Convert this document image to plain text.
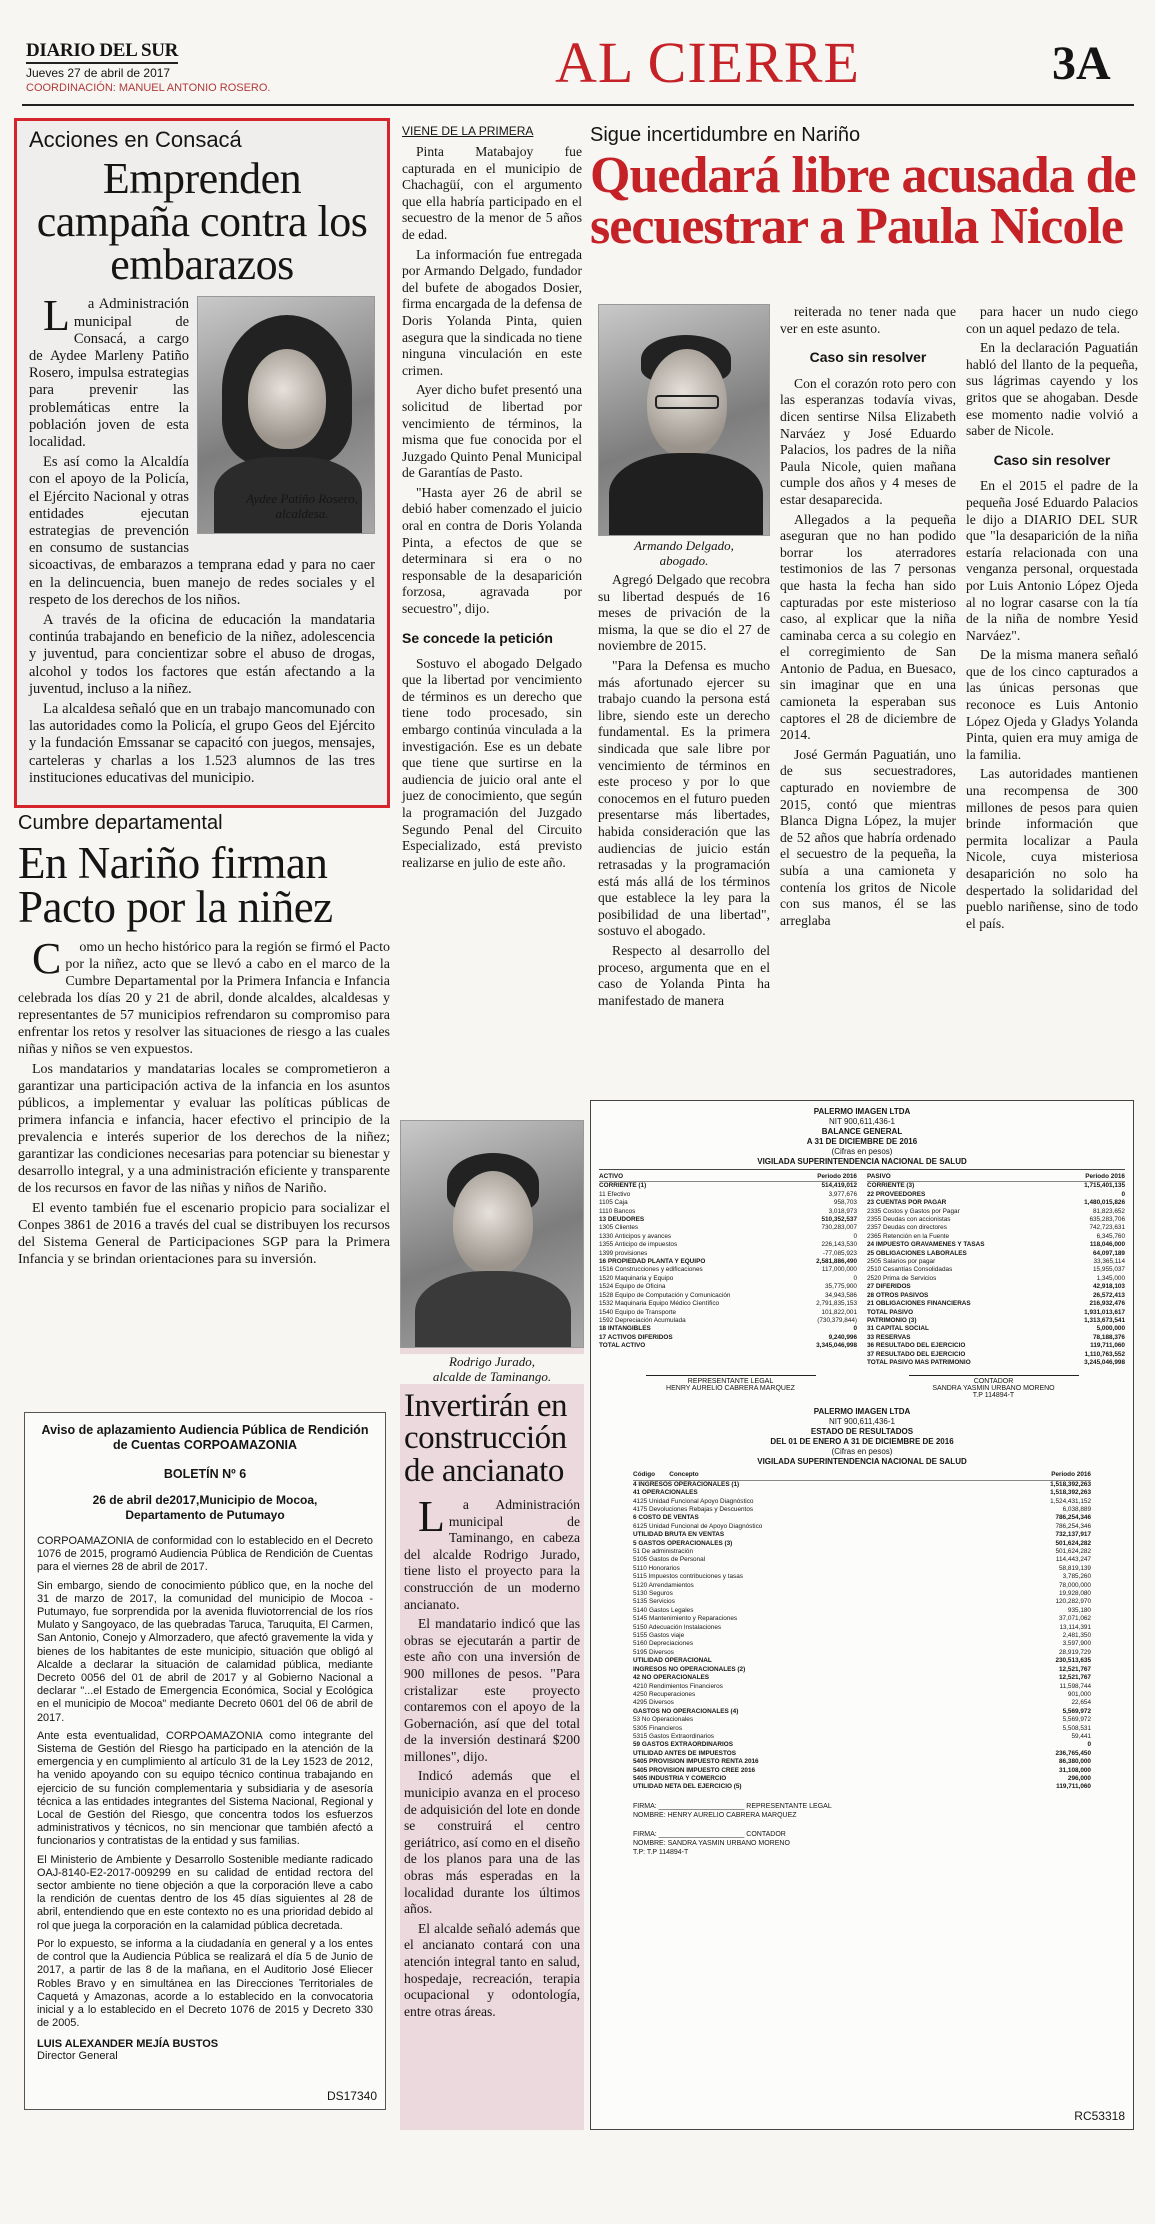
DIARIO DEL SUR
Jueves 27 de abril de 2017
COORDINACIÓN: MANUEL ANTONIO ROSERO.	AL CIERRE	3A
Acciones en Consacá
Emprenden campaña contra los embarazos

La Administración municipal de Consacá, a cargo de Aydee Marleny Patiño Rosero, impulsa estrategias para prevenir las problemáticas entre la población joven de esta localidad.

Es así como la Alcaldía con el apoyo de la Policía, el Ejército Nacional y otras entidades ejecutan estrategias de prevención en consumo de sustancias sicoactivas, de embarazos a temprana edad y para no caer en la delincuencia, buen manejo de redes sociales y el respeto de los derechos de los niños.

Aydee Patiño Rosero,
alcaldesa.

A través de la oficina de educación la mandataria continúa trabajando en beneficio de la niñez, adolescencia y juventud, para concientizar sobre el abuso de drogas, alcohol y todos los factores que están afectando a la juventud, incluso a la niñez.

La alcaldesa señaló que en un trabajo mancomunado con las autoridades como la Policía, el grupo Geos del Ejército y la fundación Emssanar se capacitó con juegos, mensajes, carteleras y charlas a los 1.523 alumnos de las tres instituciones educativas del municipio.

Cumbre departamental
En Nariño firman Pacto por la niñez

Como un hecho histórico para la región se firmó el Pacto por la niñez, acto que se llevó a cabo en el marco de la Cumbre Departamental por la Primera Infancia e Infancia celebrada los días 20 y 21 de abril, donde alcaldes, alcaldesas y representantes de 57 municipios refrendaron su compromiso para enfrentar los retos y resolver las situaciones de riesgo a las cuales niñas y niños se ven expuestos.

Los mandatarios y mandatarias locales se comprometieron a garantizar una participación activa de la infancia en los asuntos públicos, a implementar y evaluar las políticas públicas de primera infancia e infancia, hacer efectivo el principio de la prevalencia e interés superior de los derechos de la niñez; garantizar las condiciones necesarias para potenciar su bienestar y desarrollo integral, y a una administración eficiente y transparente de los recursos en favor de las niñas y niños de Nariño.

El evento también fue el escenario propicio para socializar el Conpes 3861 de 2016 a través del cual se distribuyen los recursos del Sistema General de Participaciones SGP para la Primera Infancia y se brindan orientaciones para su inversión.

Aviso de aplazamiento Audiencia Pública de Rendición de Cuentas CORPOAMAZONIA
BOLETÍN Nº 6
26 de abril de2017,Municipio de Mocoa, Departamento de Putumayo

CORPOAMAZONIA de conformidad con lo establecido en el Decreto 1076 de 2015, programó Audiencia Pública de Rendición de Cuentas para el viernes 28 de abril de 2017.

Sin embargo, siendo de conocimiento público que, en la noche del 31 de marzo de 2017, la comunidad del municipio de Mocoa - Putumayo, fue sorprendida por la avenida fluviotorrencial de los ríos Mulato y Sangoyaco, de las quebradas Taruca, Taruquita, El Carmen, San Antonio, Conejo y Almorzadero, que afectó gravemente la vida y bienes de los habitantes de este municipio, situación que obligó al Alcalde a declarar la situación de calamidad pública, mediante Decreto 0056 del 01 de abril de 2017 y al Gobierno Nacional a declarar "...el Estado de Emergencia Económica, Social y Ecológica en el municipio de Mocoa" mediante Decreto 0601 del 06 de abril de 2017.

Ante esta eventualidad, CORPOAMAZONIA como integrante del Sistema de Gestión del Riesgo ha participado en la atención de la emergencia y en cumplimiento al artículo 31 de la Ley 1523 de 2012, ha venido apoyando con su equipo técnico continua trabajando en ejercicio de su función complementaria y subsidiaria y de asesoría técnica a las entidades integrantes del Sistema Nacional, Regional y Local de Gestión del Riesgo, que concentra todos los esfuerzos administrativos y técnicos, no sin mencionar que también afectó a funcionarios y contratistas de la entidad y sus familias.

El Ministerio de Ambiente y Desarrollo Sostenible mediante radicado OAJ-8140-E2-2017-009299 en su calidad de entidad rectora del sector ambiente no tiene objeción a que la corporación lleve a cabo la rendición de cuentas dentro de los 45 días siguientes al 28 de abril, entendiendo que en este contexto no es una prioridad debido al rol que juega la corporación en la calamidad pública decretada.

Por lo expuesto, se informa a la ciudadanía en general y a los entes de control que la Audiencia Pública se realizará el día 5 de Junio de 2017, a partir de las 8 de la mañana, en el Auditorio José Eliecer Robles Bravo y en simultánea en las Direcciones Territoriales de Caquetá y Amazonas, acorde a lo establecido en la convocatoria inicial y a lo establecido en el Decreto 1076 de 2015 y Decreto 330 de 2005.

LUIS ALEXANDER MEJÍA BUSTOS
Director General
DS17340
VIENE DE LA PRIMERA

Pinta Matabajoy fue capturada en el municipio de Chachagüí, con el argumento que ella habría participado en el secuestro de la menor de 5 años de edad.

La información fue entregada por Armando Delgado, fundador del bufete de abogados Dosier, firma encargada de la defensa de Doris Yolanda Pinta, quien asegura que la sindicada no tiene ninguna vinculación en este crimen.

Ayer dicho bufet presentó una solicitud de libertad por vencimiento de términos, la misma que fue conocida por el Juzgado Quinto Penal Municipal de Garantías de Pasto.

"Hasta ayer 26 de abril se debió haber comenzado el juicio oral en contra de Doris Yolanda Pinta, a efectos de que se determinara si era o no responsable de la desaparición forzosa, agravada por secuestro", dijo.

Se concede la petición

Sostuvo el abogado Delgado que la libertad por vencimiento de términos es un derecho que tiene todo procesado, sin embargo continúa vinculada a la investigación. Ese es un debate que tiene que surtirse en la audiencia de juicio oral ante el juez de conocimiento, que según la programación del Juzgado Segundo Penal del Circuito Especializado, está previsto realizarse en julio de este año.

Rodrigo Jurado,
alcalde de Taminango.
Invertirán en construcción de ancianato

La Administración municipal de Taminango, en cabeza del alcalde Rodrigo Jurado, tiene listo el proyecto para la construcción de un moderno ancianato.

El mandatario indicó que las obras se ejecutarán a partir de este año con una inversión de 900 millones de pesos. "Para cristalizar este proyecto contaremos con el apoyo de la Gobernación, así que del total de la inversión destinará $200 millones", dijo.

Indicó además que el municipio avanza en el proceso de adquisición del lote en donde se construirá el centro geriátrico, así como en el diseño de los planos para una de las obras más esperadas en la localidad durante los últimos años.

El alcalde señaló además que el ancianato contará con una atención integral tanto en salud, hospedaje, recreación, terapia ocupacional y odontología, entre otras áreas.

Sigue incertidumbre en Nariño
Quedará libre acusada de secuestrar a Paula Nicole
Armando Delgado,
abogado.

Agregó Delgado que recobra su libertad después de 16 meses de privación de la misma, la que se dio el 27 de noviembre de 2015.

"Para la Defensa es mucho más afortunado ejercer su trabajo cuando la persona está libre, siendo este un derecho fundamental. Es la primera sindicada que sale libre por vencimiento de términos en este proceso y por lo que conocemos en el futuro pueden presentarse más libertades, habida consideración que las audiencias de juicio están retrasadas y la programación está más allá de los términos que establece la ley para la posibilidad de una libertad", sostuvo el abogado.

Respecto al desarrollo del proceso, argumenta que en el caso de Yolanda Pinta ha manifestado de manera

reiterada no tener nada que ver en este asunto.

Caso sin resolver

Con el corazón roto pero con las esperanzas todavía vivas, dicen sentirse Nilsa Elizabeth Narváez y José Eduardo Palacios, los padres de la niña Paula Nicole, quien mañana cumple dos años y 4 meses de estar desaparecida.

Allegados a la pequeña aseguran que no han podido borrar los aterradores testimonios de las 7 personas que hasta la fecha han sido capturadas por este misterioso caso, al explicar que la niña caminaba cerca a su colegio en el corregimiento de San Antonio de Padua, en Buesaco, sin imaginar que en una camioneta la esperaban sus captores el 28 de diciembre de 2014.

José Germán Paguatián, uno de sus secuestradores, capturado en noviembre de 2015, contó que mientras Blanca Digna López, la mujer de 52 años que habría ordenado el secuestro de la pequeña, la subía a una camioneta y contenía los gritos de Nicole con sus manos, él se las arreglaba

para hacer un nudo ciego con un aquel pedazo de tela.

En la declaración Paguatián habló del llanto de la pequeña, sus lágrimas cayendo y los gritos que se ahogaban. Desde ese momento nadie volvió a saber de Nicole.

Caso sin resolver

En el 2015 el padre de la pequeña José Eduardo Palacios le dijo a DIARIO DEL SUR que "la desaparición de la niña estaría relacionada con una venganza personal, orquestada por Luis Antonio López Ojeda al no lograr casarse con la tía de la niña de nombre Yesid Narváez".

De la misma manera señaló que de los cinco capturados a las únicas personas que reconoce es Luis Antonio López Ojeda y Gladys Yolanda Pinta, quien era muy amiga de la familia.

Las autoridades mantienen una recompensa de 300 millones de pesos para quien brinde información que permita localizar a Paula Nicole, cuya misteriosa desaparición no solo ha despertado la solidaridad del pueblo nariñense, sino de todo el país.

PALERMO IMAGEN LTDA
NIT 900,611,436-1
BALANCE GENERAL
A 31 DE DICIEMBRE DE 2016
(Cifras en pesos)
VIGILADA SUPERINTENDENCIA NACIONAL DE SALUD
ACTIVO	Periodo 2016
CORRIENTE (1)	514,419,012
11 Efectivo	3,977,676
1105 Caja	958,703
1110 Bancos	3,018,973
13 DEUDORES	510,352,537
1305 Clientes	730,283,007
1330 Anticipos y avances	0
1355 Anticipo de impuestos	226,143,530
1399 provisiones	-77,085,923
16 PROPIEDAD PLANTA Y EQUIPO	2,581,886,490
1516 Construcciones y edificaciones	117,000,000
1520 Maquinaria y Equipo	0
1524 Equipo de Oficina	35,775,900
1528 Equipo de Computación y Comunicación	34,943,586
1532 Maquinaria Equipo Médico Científico	2,791,835,153
1540 Equipo de Transporte	101,822,001
1592 Depreciación Acumulada	(730,379,844)
18 INTANGIBLES	0
17 ACTIVOS DIFERIDOS	9,240,996
TOTAL ACTIVO	3,345,046,998
PASIVO	Periodo 2016
CORRIENTE (3)	1,715,401,135
22 PROVEEDORES	0
23 CUENTAS POR PAGAR	1,480,015,826
2335 Costos y Gastos por Pagar	81,823,652
2355 Deudas con accionistas	635,283,706
2357 Deudas con directores	742,723,631
2365 Retención en la Fuente	6,345,760
24 IMPUESTO GRAVAMENES Y TASAS	118,046,000
25 OBLIGACIONES LABORALES	64,097,189
2505 Salarios por pagar	33,365,114
2510 Cesantías Consolidadas	15,955,037
2520 Prima de Servicios	1,345,000
27 DIFERIDOS	42,918,103
28 OTROS PASIVOS	26,572,413
21 OBLIGACIONES FINANCIERAS	216,932,476
TOTAL PASIVO	1,931,013,617
PATRIMONIO (3)	1,313,673,541
31 CAPITAL SOCIAL	5,000,000
33 RESERVAS	78,188,376
36 RESULTADO DEL EJERCICIO	119,711,060
37 RESULTADO DEL EJERCICIO	1,110,763,552
TOTAL PASIVO MAS PATRIMONIO	3,245,046,998
REPRESENTANTE LEGAL
HENRY AURELIO CABRERA MARQUEZ
CONTADOR
SANDRA YASMIN URBANO MORENO
T.P 114894-T
PALERMO IMAGEN LTDA
NIT 900,611,436-1
ESTADO DE RESULTADOS
DEL 01 DE ENERO A 31 DE DICIEMBRE DE 2016
(Cifras en pesos)
VIGILADA SUPERINTENDENCIA NACIONAL DE SALUD
Código Concepto	Periodo 2016
4 INGRESOS OPERACIONALES (1)	1,518,392,263
41 OPERACIONALES	1,518,392,263
4125 Unidad Funcional Apoyo Diagnóstico	1,524,431,152
4175 Devoluciones Rebajas y Descuentos	6,038,889
6 COSTO DE VENTAS	786,254,346
6125 Unidad Funcional de Apoyo Diagnóstico	786,254,346
UTILIDAD BRUTA EN VENTAS	732,137,917
5 GASTOS OPERACIONALES (3)	501,624,282
51 De administración	501,624,282
5105 Gastos de Personal	114,443,247
5110 Honorarios	58,819,139
5115 Impuestos contribuciones y tasas	3,785,260
5120 Arrendamientos	78,000,000
5130 Seguros	19,928,080
5135 Servicios	120,282,970
5140 Gastos Legales	935,180
5145 Mantenimiento y Reparaciones	37,071,062
5150 Adecuación Instalaciones	13,114,391
5155 Gastos viaje	2,481,350
5160 Depreciaciones	3,597,900
5195 Diversos	28,919,729
UTILIDAD OPERACIONAL	230,513,635
INGRESOS NO OPERACIONALES (2)	12,521,767
42 NO OPERACIONALES	12,521,767
4210 Rendimientos Financieros	11,598,744
4250 Recuperaciones	901,000
4295 Diversos	22,654
GASTOS NO OPERACIONALES (4)	5,569,972
53 No Operacionales	5,569,972
5305 Financieros	5,508,531
5315 Gastos Extraordinarios	59,441
59 GASTOS EXTRAORDINARIOS	0
UTILIDAD ANTES DE IMPUESTOS	236,765,450
5405 PROVISION IMPUESTO RENTA 2016	86,380,000
5405 PROVISION IMPUESTO CREE 2016	31,108,000
5405 INDUSTRIA Y COMERCIO	296,000
UTILIDAD NETA DEL EJERCICIO (5)	119,711,060
FIRMA: ______________________ REPRESENTANTE LEGAL
NOMBRE: HENRY AURELIO CABRERA MARQUEZ
FIRMA: ______________________ CONTADOR
NOMBRE: SANDRA YASMIN URBANO MORENO
T.P: T.P 114894-T
RC53318
